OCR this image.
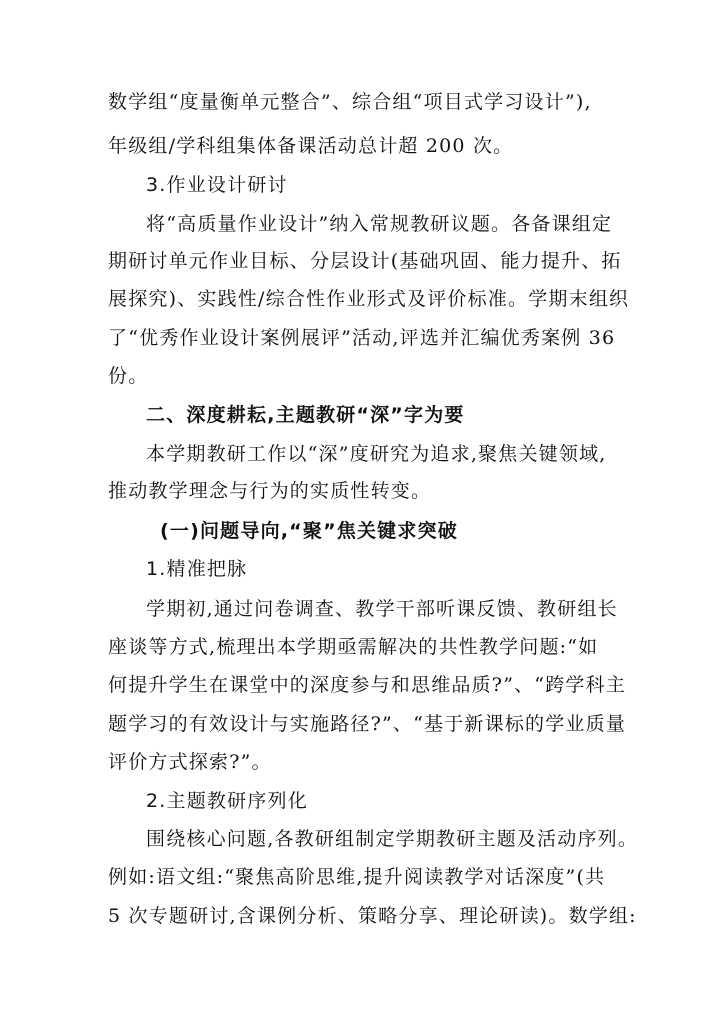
数学组“度量衡单元整合”、综合组“项目式学习设计”),
年级组/学科组集体备课活动总计超 200 次。
3.作业设计研讨
将“高质量作业设计”纳入常规教研议题。各备课组定
期研讨单元作业目标、分层设计(基础巩固、能力提升、拓
展探究)、实践性/综合性作业形式及评价标准。学期末组织
了“优秀作业设计案例展评”活动,评选并汇编优秀案例 36
份。
二、深度耕耘,主题教研“深”字为要
本学期教研工作以“深”度研究为追求,聚焦关键领域,
推动教学理念与行为的实质性转变。
(一)问题导向,“聚”焦关键求突破
1.精准把脉
学期初,通过问卷调查、教学干部听课反馈、教研组长
座谈等方式,梳理出本学期亟需解决的共性教学问题:“如
何提升学生在课堂中的深度参与和思维品质?”、“跨学科主
题学习的有效设计与实施路径?”、“基于新课标的学业质量
评价方式探索?”。
2.主题教研序列化
围绕核心问题,各教研组制定学期教研主题及活动序列。
例如:语文组:“聚焦高阶思维,提升阅读教学对话深度”(共
5 次专题研讨,含课例分析、策略分享、理论研读)。数学组:
